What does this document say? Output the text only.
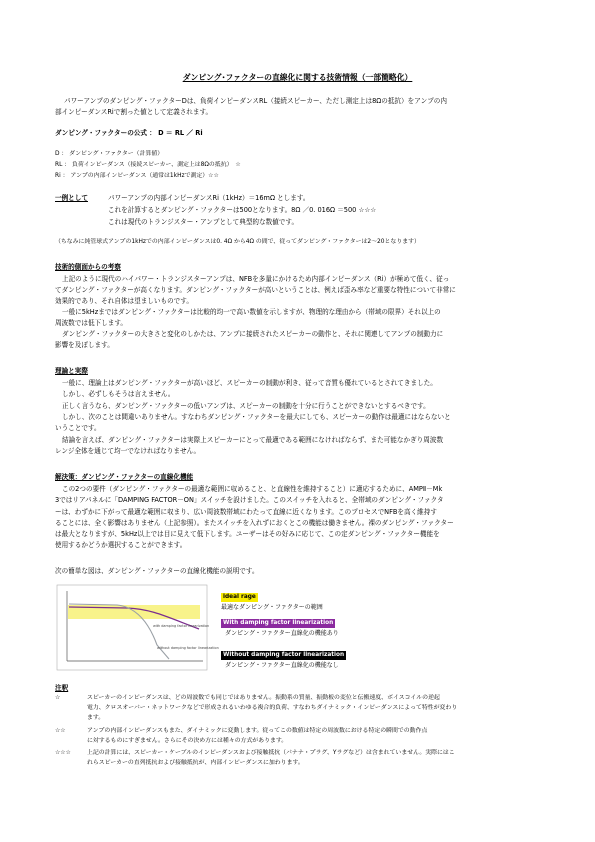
ダンピング･ファクターの直線化に関する技術情報（一部簡略化）
パワーアンプのダンピング・ファクターDは、負荷インピーダンスRL（接続スピーカー、ただし測定上は8Ωの抵抗）をアンプの内
部インピーダンスRiで割った値として定義されます。
ダンピング・ファクターの公式 ： D ＝ RL ／ Ri
D ： ダンピング・ファクター（計算値）
RL ： 負荷インピーダンス（接続スピーカー、測定上は8Ωの抵抗）　☆
Ri ： アンプの内部インピーダンス（通常は1kHzで測定）☆☆
一例として	パワーアンプの内部インピーダンスRi（1kHz）＝16mΩ とします。
これを計算するとダンピング・ファクターは500となります。8Ω ／0. 016Ω ＝500 ☆☆☆
これは現代のトランジスター・アンプとして典型的な数値です。
（ちなみに純管球式アンプの1kHzでの内部インピーダンスは0. 4Ω から4Ω の間で、従ってダンピング・ファクターは2～20となります）
技術的側面からの考察
上記のように現代のハイパワー・トランジスターアンプは、NFBを多量にかけるため内部インピーダンス（Ri）が極めて低く、従っ
てダンピング・ファクターが高くなります。ダンピング・ファクターが高いということは、例えば歪み率など重要な特性について非常に
効果的であり、それ自体は望ましいものです。
一般に5kHzまではダンピング・ファクターは比較的均一で高い数値を示しますが、物理的な理由から（帯域の限界）それ以上の
周波数では低下します。
ダンピング・ファクターの大きさと変化のしかたは、アンプに接続されたスピーカーの動作と、それに関連してアンプの制動力に
影響を及ぼします。
理論と実際
一般に、理論上はダンピング・ファクターが高いほど、スピーカーの制動が利き、従って音質も優れているとされてきました。
しかし、必ずしもそうは言えません。
正しく言うなら、ダンピング・ファクターの低いアンプは、スピーカーの制動を十分に行うことができないとするべきです。
しかし、次のことは間違いありません。すなわちダンピング・ファクターを最大にしても、スピーカーの動作は最適にはならないと
いうことです。
結論を言えば、ダンピング・ファクターは実際上スピーカーにとって最適である範囲になければならず、また可能なかぎり周波数
レンジ全体を通じて均一でなければなりません。
解決策：ダンピング・ファクターの直線化機能
この2つの要件（ダンピング・ファクターの最適な範囲に収めること、と直線性を維持すること）に適応するために、AMPⅡ－Mk
3ではリアパネルに「DAMPING FACTOR－ON」スイッチを設けました。このスイッチを入れると、全帯域のダンピング・ファクタ
ーは、わずかに下がって最適な範囲に収まり、広い周波数帯域にわたって直線に近くなります。このプロセスでNFBを高く維持す
ることには、全く影響はありません（上記参照）。またスイッチを入れずにおくとこの機能は働きません。裸のダンピング・ファクター
は最大となりますが、5kHz以上では目に見えて低下します。ユーザーはその好みに応じて、この定ダンピング・ファクター機能を
使用するかどうか選択することができます。
次の簡単な図は、ダンピング・ファクターの直線化機能の説明です。
with damping factor linearization
without damping factor linearization
ideal rage
最適なダンピング・ファクターの範囲
With damping factor linearization
ダンピング・ファクター直線化の機能あり
Without damping factor linearization
ダンピング・ファクター直線化の機能なし
注釈
☆	スピーカーのインピーダンスは、どの周波数でも同じではありません。振動系の質量、振動板の変位と伝搬速度、ボイスコイルの逆起
電力、クロスオーバー・ネットワークなどで形成されるいわゆる複合的負荷、すなわちダイナミック・インピーダンスによって特性が変わり
ます。
☆☆	アンプの内部インピーダンスもまた、ダイナミックに変動します。従ってこの数値は特定の周波数における特定の瞬間での動作点
に対するものにすぎません。さらにその決め方には種々の方式があります。
☆☆☆	上記の計算には、スピーカー・ケーブルのインピーダンスおよび接触抵抗（バナナ・プラグ、Yラグなど）は含まれていません。実際にはこ
れらスピーカーの直列抵抗および接触抵抗が、内部インピーダンスに加わります。
